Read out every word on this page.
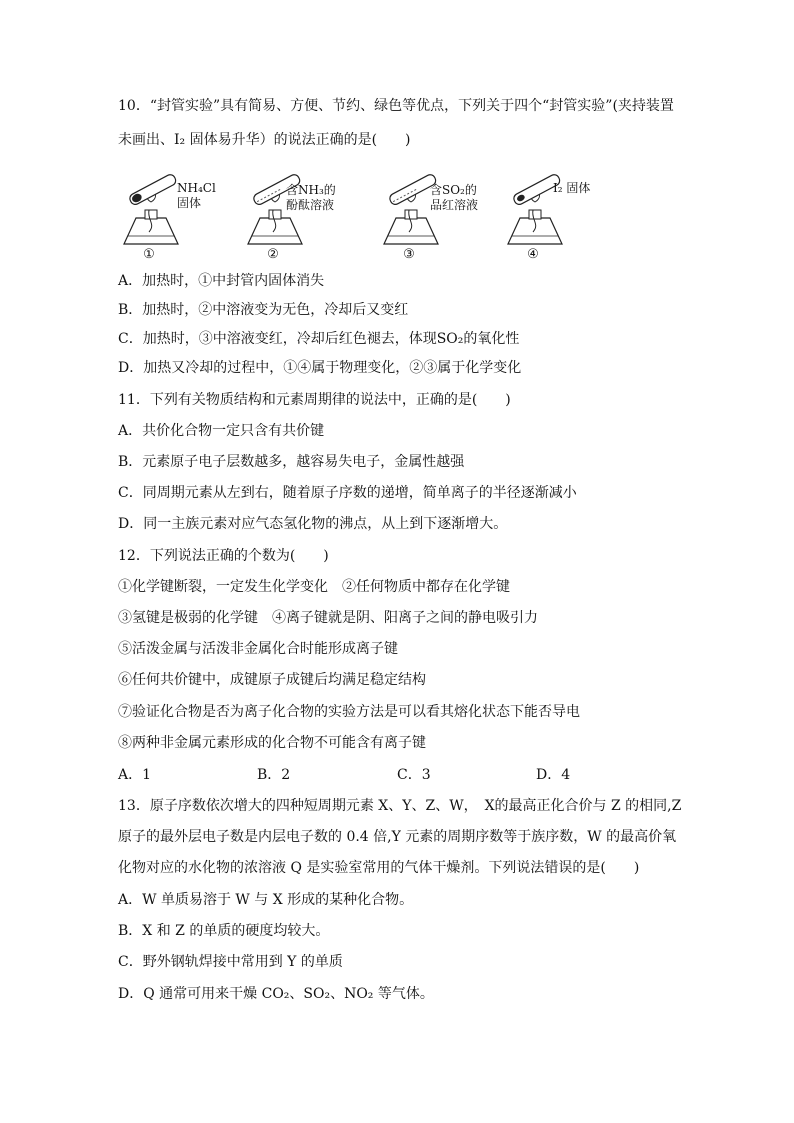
10．“封管实验”具有简易、方便、节约、绿色等优点，下列关于四个“封管实验”(夹持装置
未画出、I₂ 固体易升华）的说法正确的是(　　)
NH₄Cl
固体
含NH₃的
酚酞溶液
含SO₂的
品红溶液
I₂ 固体
①	②	③	④
A．加热时，①中封管内固体消失
B．加热时，②中溶液变为无色，冷却后又变红
C．加热时，③中溶液变红，冷却后红色褪去，体现SO₂的氧化性
D．加热又冷却的过程中，①④属于物理变化，②③属于化学变化
11．下列有关物质结构和元素周期律的说法中，正确的是(　　)
A．共价化合物一定只含有共价键
B．元素原子电子层数越多，越容易失电子，金属性越强
C．同周期元素从左到右，随着原子序数的递增，简单离子的半径逐渐减小
D．同一主族元素对应气态氢化物的沸点，从上到下逐渐增大。
12．下列说法正确的个数为(　　)
①化学键断裂，一定发生化学变化　②任何物质中都存在化学键
③氢键是极弱的化学键　④离子键就是阴、阳离子之间的静电吸引力
⑤活泼金属与活泼非金属化合时能形成离子键
⑥任何共价键中，成键原子成键后均满足稳定结构
⑦验证化合物是否为离子化合物的实验方法是可以看其熔化状态下能否导电
⑧两种非金属元素形成的化合物不可能含有离子键
A．1	B．2	C．3	D．4
13．原子序数依次增大的四种短周期元素 X、Y、Z、W，　X的最高正化合价与 Z 的相同,Z
原子的最外层电子数是内层电子数的 0.4 倍,Y 元素的周期序数等于族序数，W 的最高价氧
化物对应的水化物的浓溶液 Q 是实验室常用的气体干燥剂。下列说法错误的是(　　)
A．W 单质易溶于 W 与 X 形成的某种化合物。
B．X 和 Z 的单质的硬度均较大。
C．野外钢轨焊接中常用到 Y 的单质
D．Q 通常可用来干燥 CO₂、SO₂、NO₂ 等气体。
